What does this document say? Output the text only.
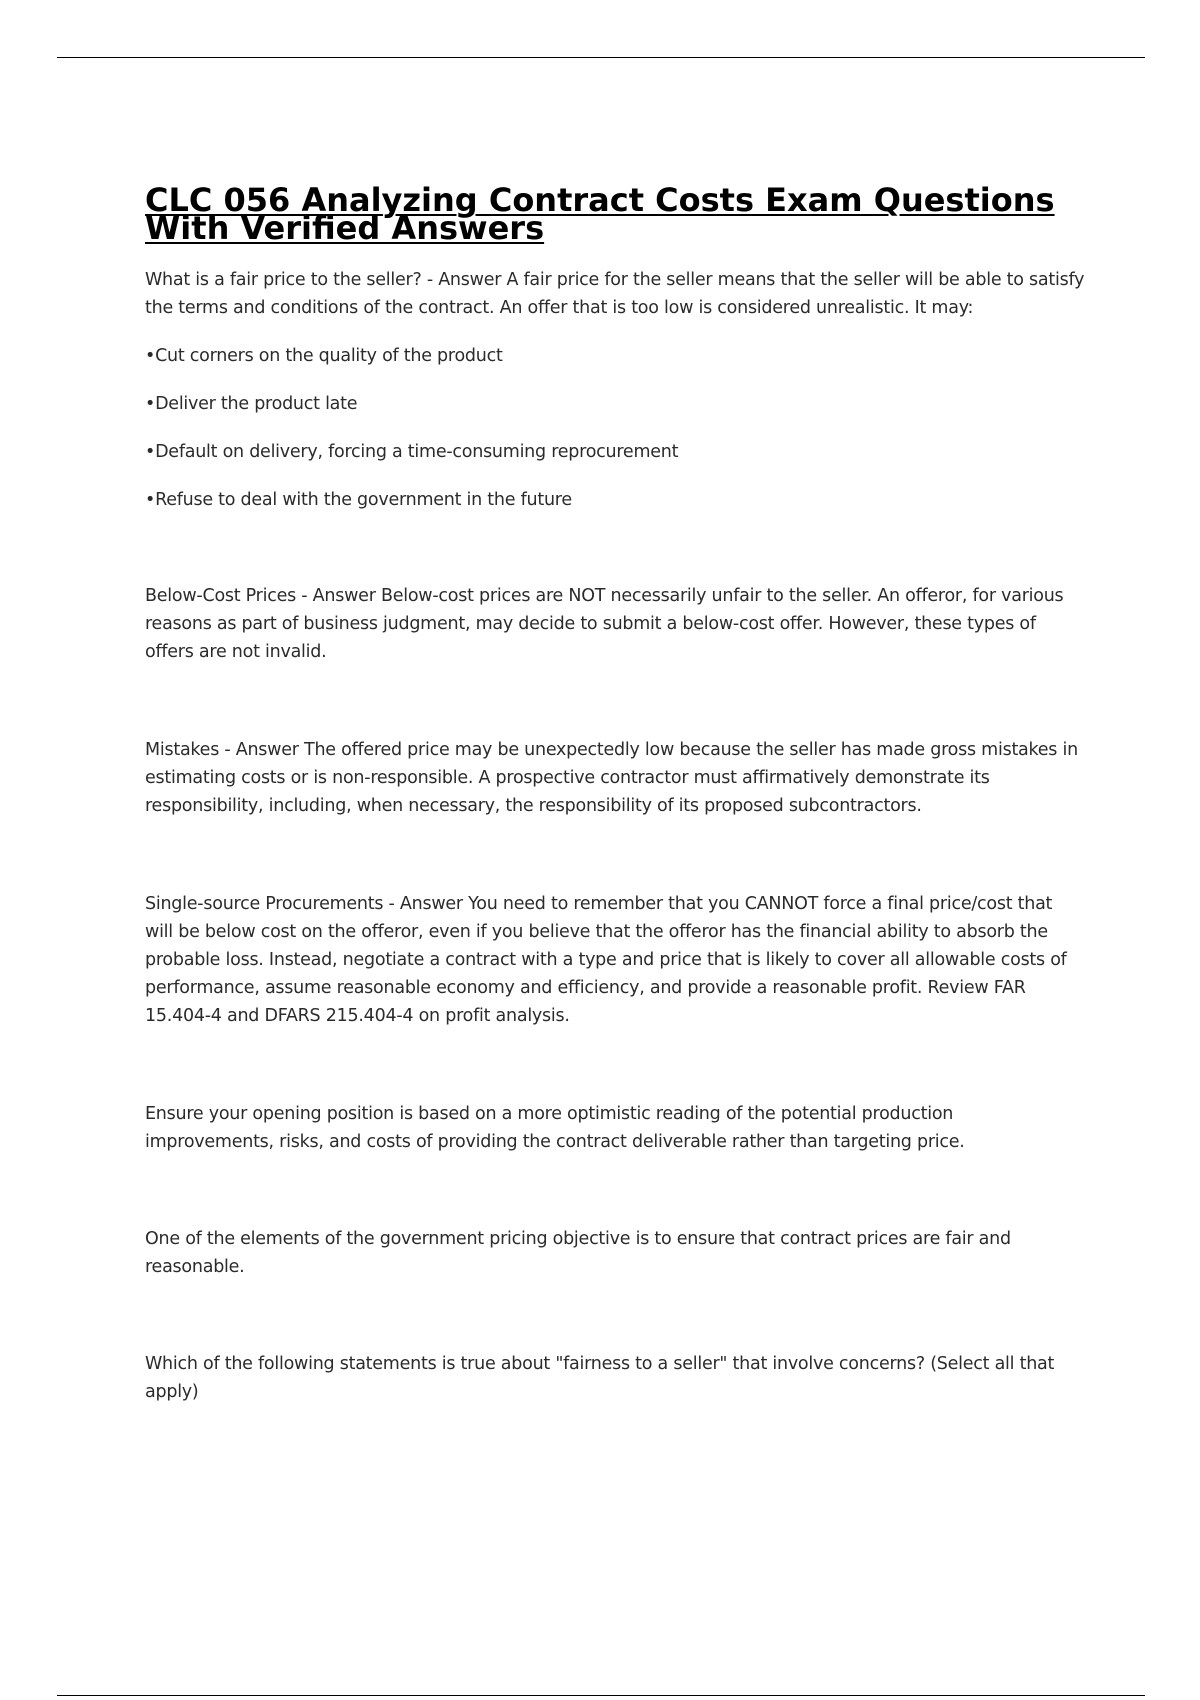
CLC 056 Analyzing Contract Costs Exam Questions With Verified Answers

What is a fair price to the seller? - Answer A fair price for the seller means that the seller will be able to satisfy the terms and conditions of the contract. An offer that is too low is considered unrealistic. It may:

•Cut corners on the quality of the product

•Deliver the product late

•Default on delivery, forcing a time-consuming reprocurement

•Refuse to deal with the government in the future

Below-Cost Prices - Answer Below-cost prices are NOT necessarily unfair to the seller. An offeror, for various reasons as part of business judgment, may decide to submit a below-cost offer. However, these types of offers are not invalid.

Mistakes - Answer The offered price may be unexpectedly low because the seller has made gross mistakes in estimating costs or is non-responsible. A prospective contractor must affirmatively demonstrate its responsibility, including, when necessary, the responsibility of its proposed subcontractors.

Single-source Procurements - Answer You need to remember that you CANNOT force a final price/cost that will be below cost on the offeror, even if you believe that the offeror has the financial ability to absorb the probable loss. Instead, negotiate a contract with a type and price that is likely to cover all allowable costs of performance, assume reasonable economy and efficiency, and provide a reasonable profit. Review FAR 15.404-4 and DFARS 215.404-4 on profit analysis.

Ensure your opening position is based on a more optimistic reading of the potential production improvements, risks, and costs of providing the contract deliverable rather than targeting price.

One of the elements of the government pricing objective is to ensure that contract prices are fair and reasonable.

Which of the following statements is true about "fairness to a seller" that involve concerns? (Select all that apply)
